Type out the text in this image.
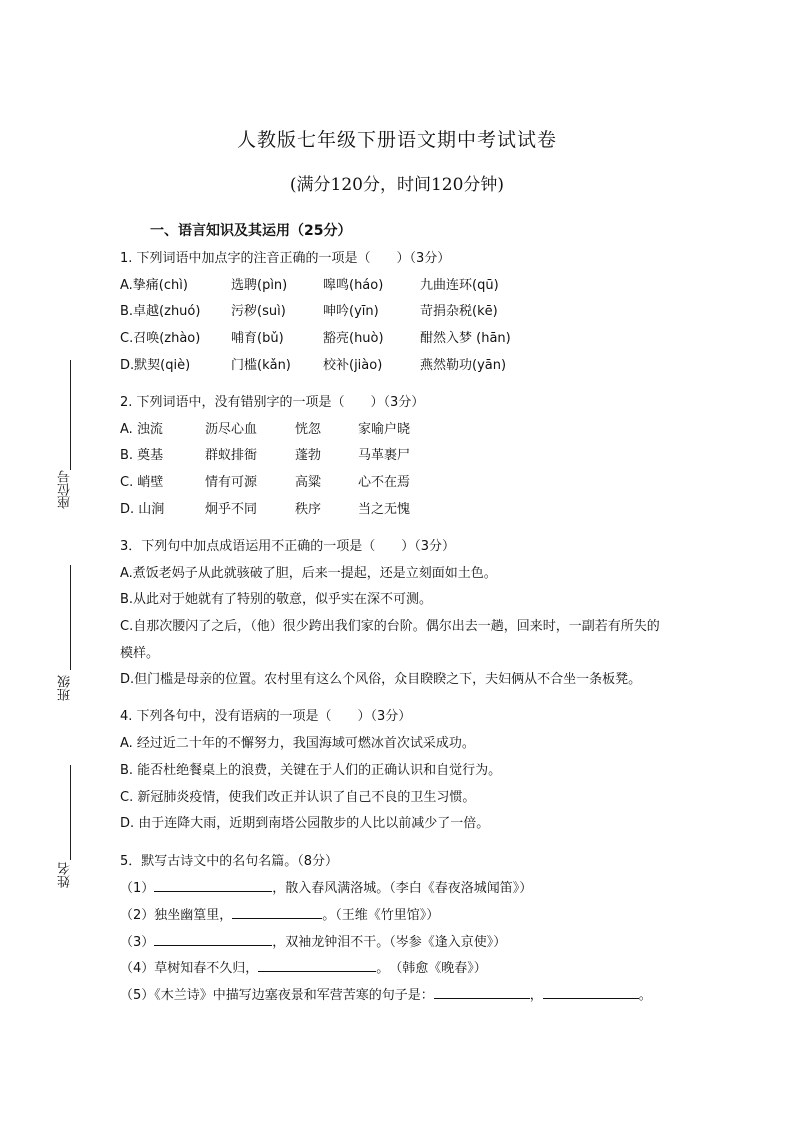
座位号
班级
姓名
人教版七年级下册语文期中考试试卷
(满分120分，时间120分钟)
一、语言知识及其运用（25分）
1. 下列词语中加点字的注音正确的一项是（　　）（3分）
A.挚痛(chì)	选聘(pìn)	嗥鸣(háo)	九曲连环(qū)
B.卓越(zhuó) 污秽(suì)	呻吟(yīn)	苛捐杂税(kē)
C.召唤(zhào) 哺育(bǔ)	豁亮(huò)	酣然入梦 (hān)
D.默契(qiè)	门槛(kǎn) 校补(jiào)	燕然勒功(yān)
2. 下列词语中，没有错别字的一项是（　　）（3分）
A. 浊流	沥尽心血	恍忽	家喻户晓
B. 奠基	群蚁排衙	蓬勃	马革裹尸
C. 峭壁	情有可源	高粱	心不在焉
D. 山涧	炯乎不同	秩序	当之无愧
3．下列句中加点成语运用不正确的一项是（　　）（3分）
A.煮饭老妈子从此就骇破了胆，后来一提起，还是立刻面如土色。
B.从此对于她就有了特别的敬意，似乎实在深不可测。
C.自那次腰闪了之后，（他）很少跨出我们家的台阶。偶尔出去一趟，回来时，一副若有所失的
模样。
D.但门槛是母亲的位置。农村里有这么个风俗，众目睽睽之下，夫妇俩从不合坐一条板凳。
4. 下列各句中，没有语病的一项是（　　）（3分）
A. 经过近二十年的不懈努力，我国海域可燃冰首次试采成功。
B. 能否杜绝餐桌上的浪费，关键在于人们的正确认识和自觉行为。
C. 新冠肺炎疫情，使我们改正并认识了自己不良的卫生习惯。
D. 由于连降大雨，近期到南塔公园散步的人比以前减少了一倍。
5．默写古诗文中的名句名篇。（8分）
（1）	，散入春风满洛城。（李白《春夜洛城闻笛》）
（2）独坐幽篁里，	。（王维《竹里馆》）
（3）	，双袖龙钟泪不干。（岑参《逢入京使》）
（4）草树知春不久归，	。　（韩愈《晚春》）
（5）《木兰诗》中描写边塞夜景和军营苦寒的句子是：	，	。
